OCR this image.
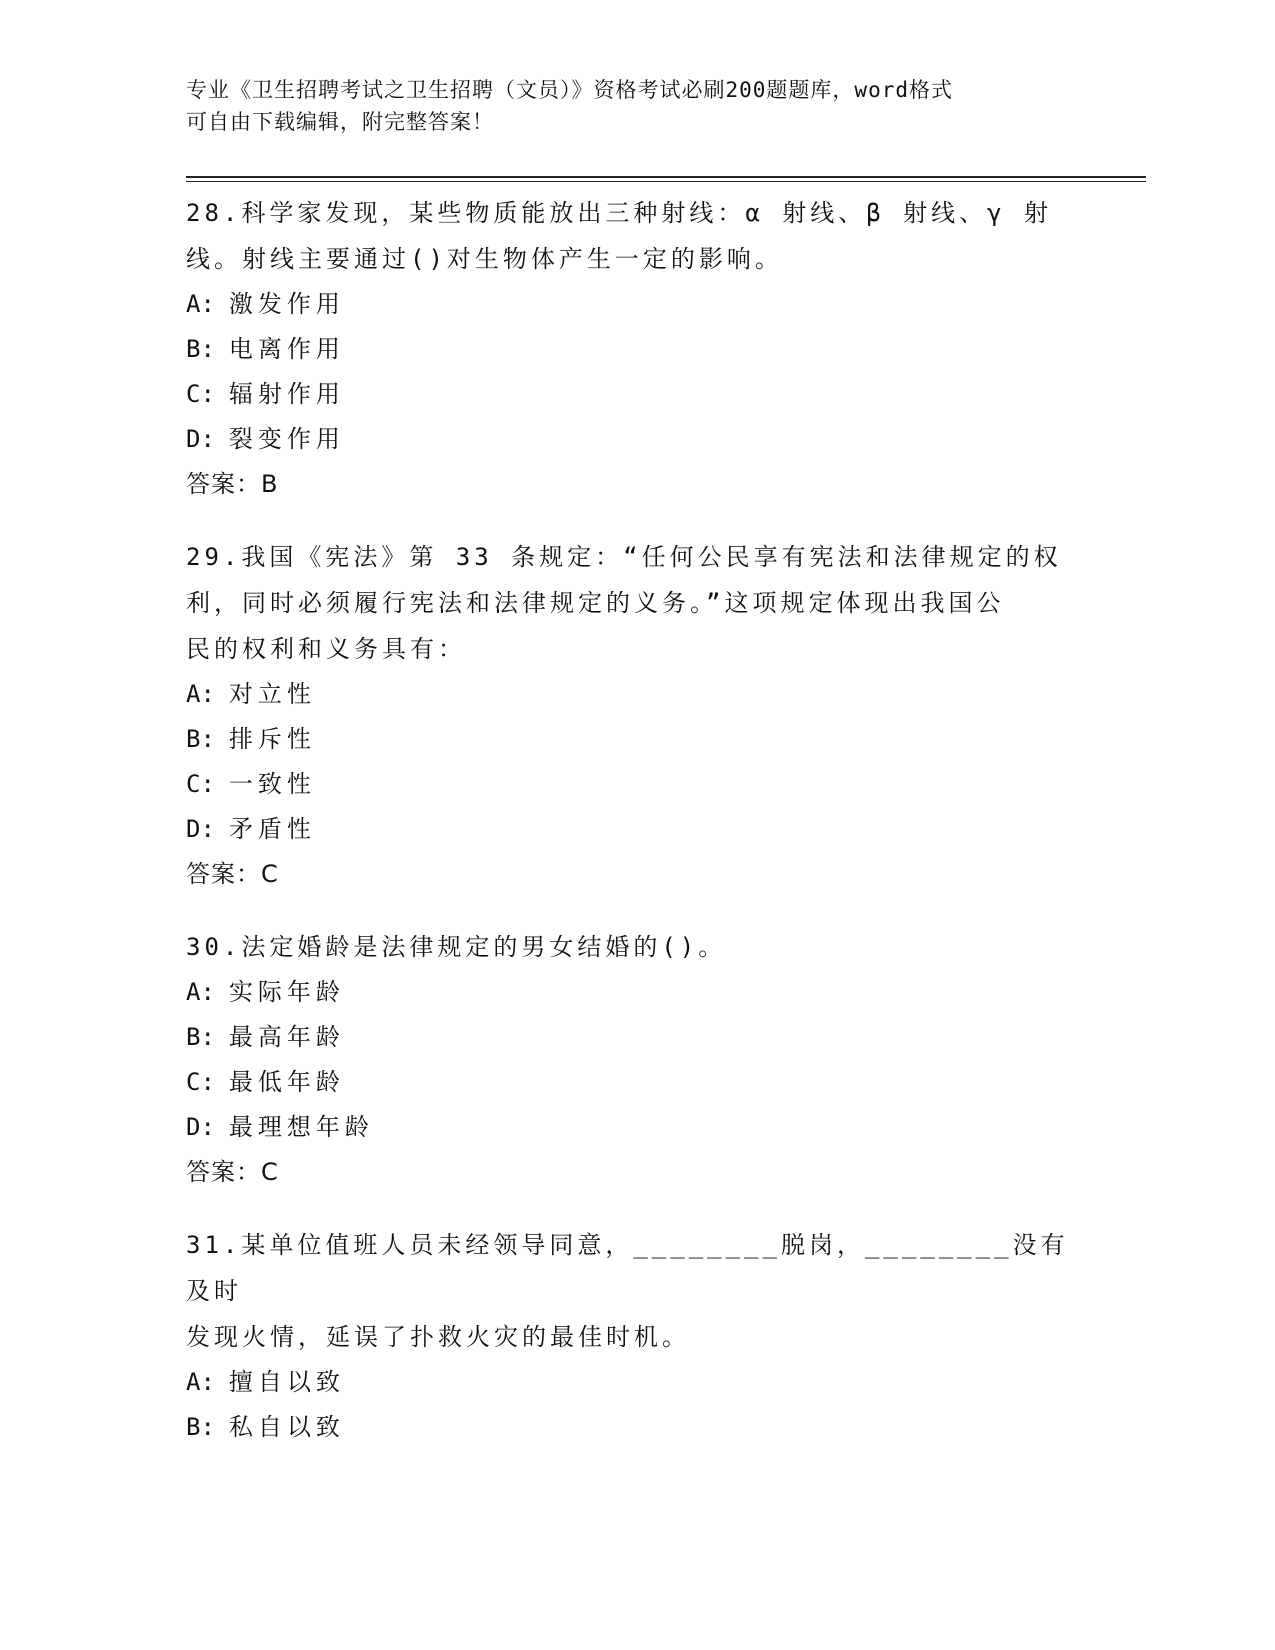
专业《卫生招聘考试之卫生招聘（文员）》资格考试必刷200题题库，word格式
可自由下载编辑，附完整答案！

28.科学家发现，某些物质能放出三种射线：α 射线、β 射线、γ 射

线。射线主要通过()对生物体产生一定的影响。

A: 激发作用

B: 电离作用

C: 辐射作用

D: 裂变作用

答案：B

29.我国《宪法》第 33 条规定：“任何公民享有宪法和法律规定的权

利，同时必须履行宪法和法律规定的义务。”这项规定体现出我国公

民的权利和义务具有：

A: 对立性

B: 排斥性

C: 一致性

D: 矛盾性

答案：C

30.法定婚龄是法律规定的男女结婚的()。

A: 实际年龄

B: 最高年龄

C: 最低年龄

D: 最理想年龄

答案：C

31.某单位值班人员未经领导同意，________脱岗，________没有及时

发现火情，延误了扑救火灾的最佳时机。

A: 擅自以致

B: 私自以致
